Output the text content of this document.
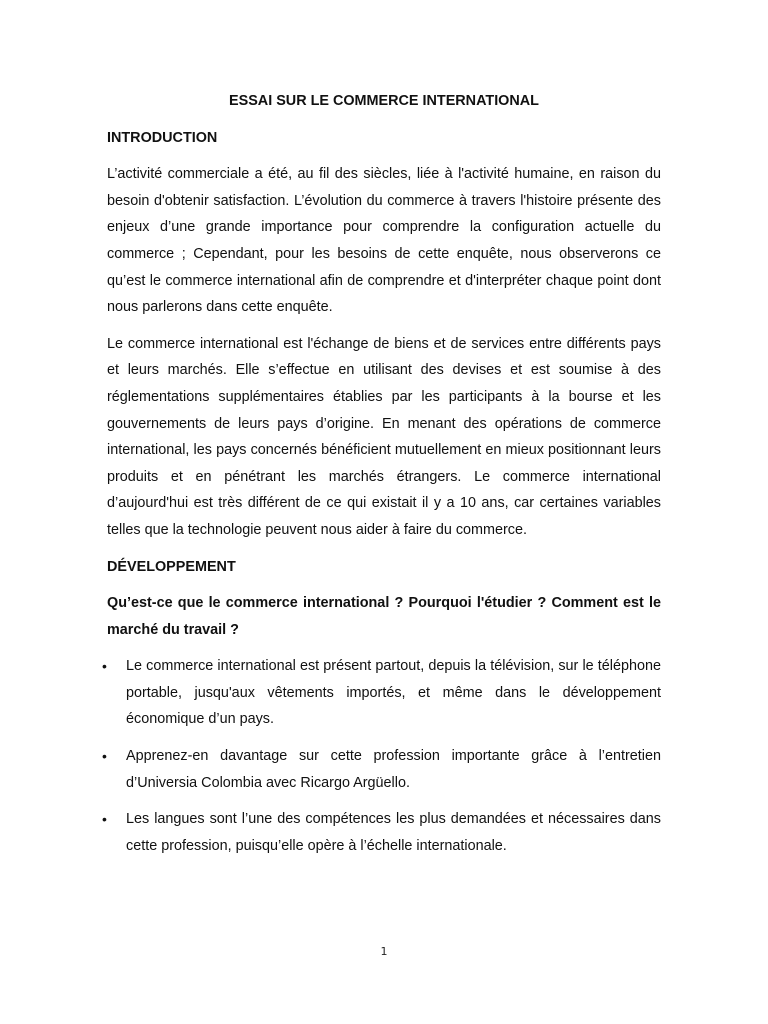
ESSAI SUR LE COMMERCE INTERNATIONAL
INTRODUCTION

L’activité commerciale a été, au fil des siècles, liée à l'activité humaine, en raison du besoin d'obtenir satisfaction. L’évolution du commerce à travers l'histoire présente des enjeux d’une grande importance pour comprendre la configuration actuelle du commerce ; Cependant, pour les besoins de cette enquête, nous observerons ce qu’est le commerce international afin de comprendre et d'interpréter chaque point dont nous parlerons dans cette enquête.

Le commerce international est l'échange de biens et de services entre différents pays et leurs marchés. Elle s’effectue en utilisant des devises et est soumise à des réglementations supplémentaires établies par les participants à la bourse et les gouvernements de leurs pays d’origine. En menant des opérations de commerce international, les pays concernés bénéficient mutuellement en mieux positionnant leurs produits et en pénétrant les marchés étrangers. Le commerce international d’aujourd'hui est très différent de ce qui existait il y a 10 ans, car certaines variables telles que la technologie peuvent nous aider à faire du commerce.

DÉVELOPPEMENT

Qu’est-ce que le commerce international ? Pourquoi l'étudier ? Comment est le marché du travail ?

• Le commerce international est présent partout, depuis la télévision, sur le téléphone portable, jusqu'aux vêtements importés, et même dans le développement économique d’un pays.
• Apprenez-en davantage sur cette profession importante grâce à l’entretien d’Universia Colombia avec Ricargo Argüello.
• Les langues sont l’une des compétences les plus demandées et nécessaires dans cette profession, puisqu’elle opère à l’échelle internationale.
1
